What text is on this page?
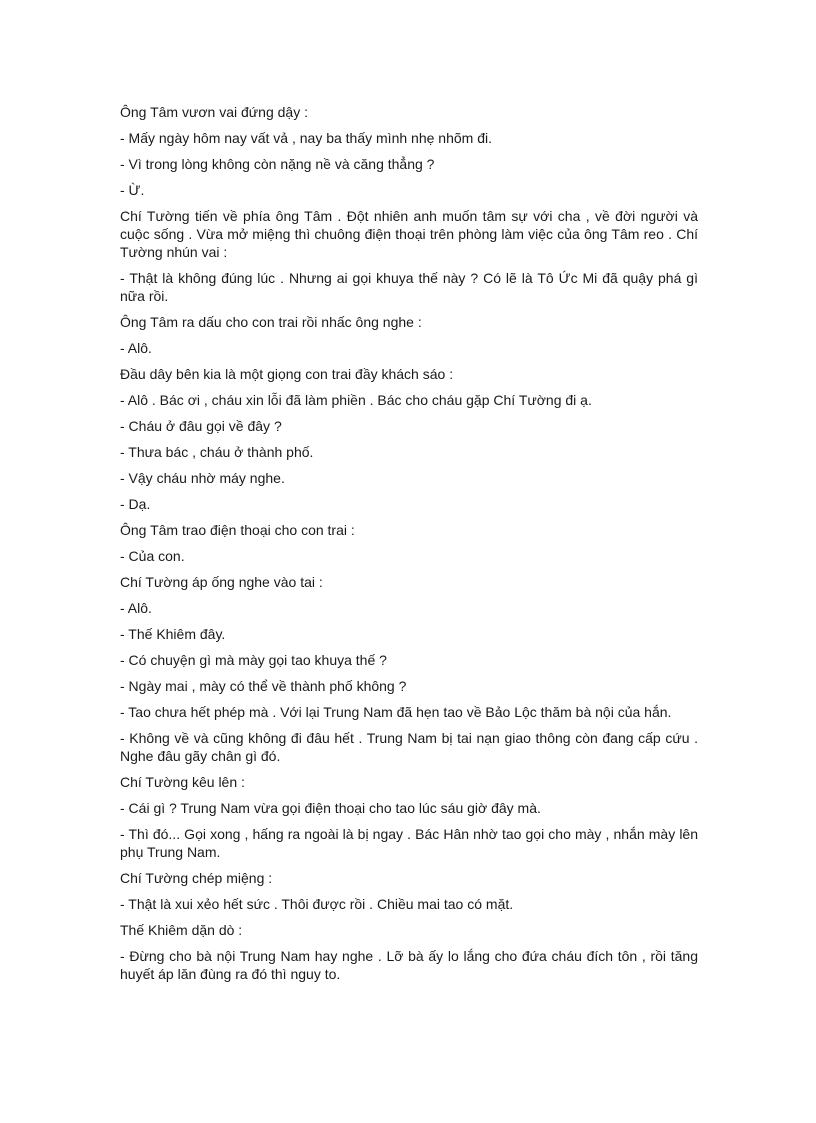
Ông Tâm vươn vai đứng dậy :

- Mấy ngày hôm nay vất vả , nay ba thấy mình nhẹ nhõm đi.

- Vì trong lòng không còn nặng nề và căng thẳng ?

- Ừ.

Chí Tường tiến về phía ông Tâm . Đột nhiên anh muốn tâm sự với cha , về đời người và cuộc sống . Vừa mở miệng thì chuông điện thoại trên phòng làm việc của ông Tâm reo . Chí Tường nhún vai :

- Thật là không đúng lúc . Nhưng ai gọi khuya thế này ? Có lẽ là Tô Ức Mi đã quậy phá gì nữa rồi.

Ông Tâm ra dấu cho con trai rồi nhấc ông nghe :

- Alô.

Đầu dây bên kia là một giọng con trai đầy khách sáo :

- Alô . Bác ơi , cháu xin lỗi đã làm phiền . Bác cho cháu gặp Chí Tường đi ạ.

- Cháu ở đâu gọi về đây ?

- Thưa bác , cháu ở thành phố.

- Vậy cháu nhờ máy nghe.

- Dạ.

Ông Tâm trao điện thoại cho con trai :

- Của con.

Chí Tường áp ống nghe vào tai :

- Alô.

- Thế Khiêm đây.

- Có chuyện gì mà mày gọi tao khuya thế ?

- Ngày mai , mày có thể về thành phố không ?

- Tao chưa hết phép mà . Với lại Trung Nam đã hẹn tao về Bảo Lộc thăm bà nội của hắn.

- Không về và cũng không đi đâu hết . Trung Nam bị tai nạn giao thông còn đang cấp cứu . Nghe đâu gãy chân gì đó.

Chí Tường kêu lên :

- Cái gì ? Trung Nam vừa gọi điện thoại cho tao lúc sáu giờ đây mà.

- Thì đó... Gọi xong , hấng ra ngoài là bị ngay . Bác Hân nhờ tao gọi cho mày , nhắn mày lên phụ Trung Nam.

Chí Tường chép miệng :

- Thật là xui xẻo hết sức . Thôi được rồi . Chiều mai tao có mặt.

Thế Khiêm dặn dò :

- Đừng cho bà nội Trung Nam hay nghe . Lỡ bà ấy lo lắng cho đứa cháu đích tôn , rồi tăng huyết áp lăn đùng ra đó thì nguy to.
